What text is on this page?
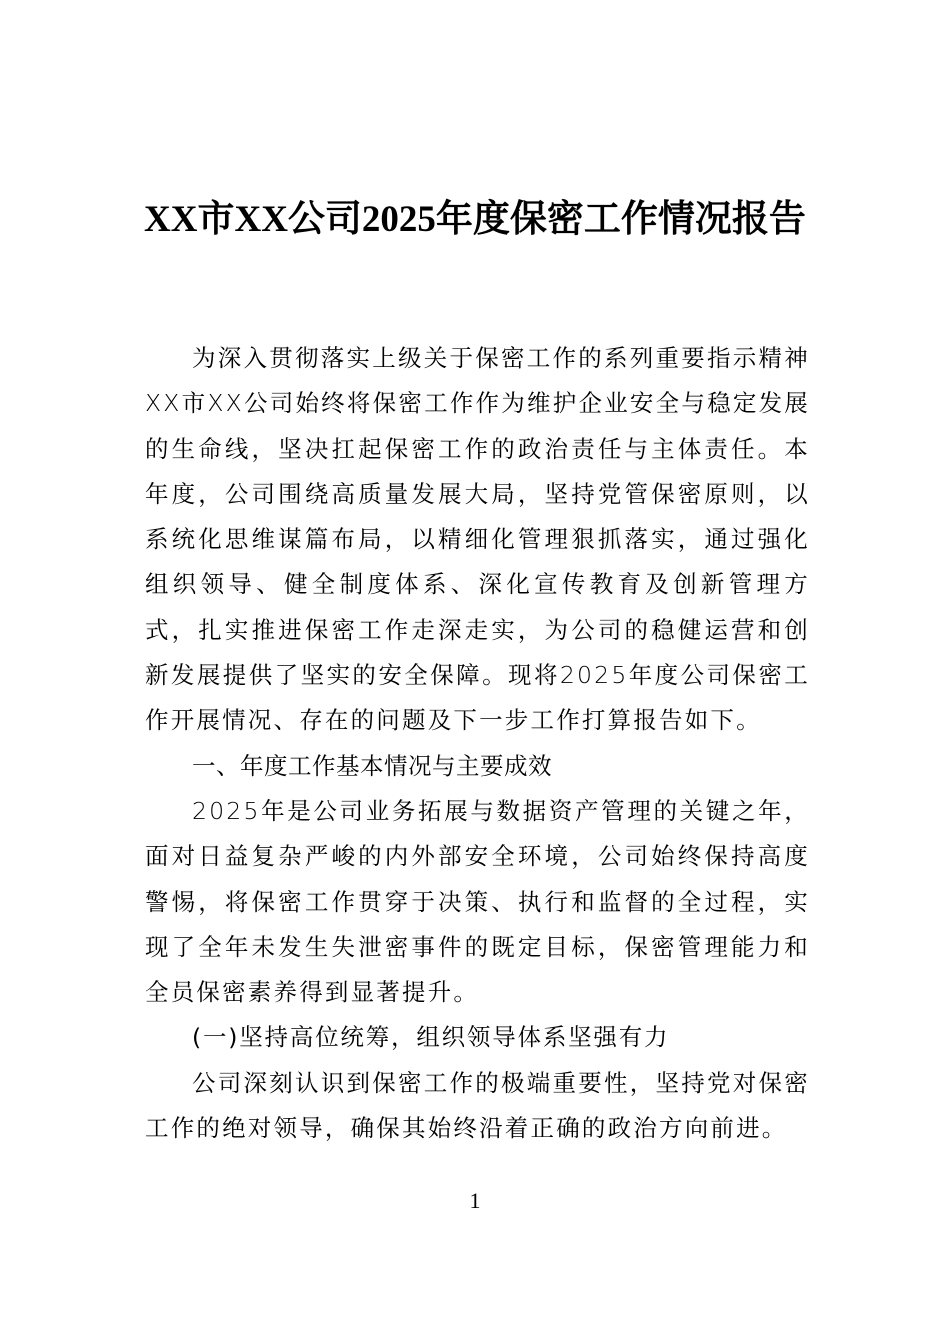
XX市XX公司2025年度保密工作情况报告

为深入贯彻落实上级关于保密工作的系列重要指示精神XX市XX公司始终将保密工作作为维护企业安全与稳定发展的生命线，坚决扛起保密工作的政治责任与主体责任。本年度，公司围绕高质量发展大局，坚持党管保密原则，以系统化思维谋篇布局，以精细化管理狠抓落实，通过强化组织领导、健全制度体系、深化宣传教育及创新管理方式，扎实推进保密工作走深走实，为公司的稳健运营和创新发展提供了坚实的安全保障。现将2025年度公司保密工作开展情况、存在的问题及下一步工作打算报告如下。

一、年度工作基本情况与主要成效

2025年是公司业务拓展与数据资产管理的关键之年，面对日益复杂严峻的内外部安全环境，公司始终保持高度警惕，将保密工作贯穿于决策、执行和监督的全过程，实现了全年未发生失泄密事件的既定目标，保密管理能力和全员保密素养得到显著提升。

(一)坚持高位统筹，组织领导体系坚强有力

公司深刻认识到保密工作的极端重要性，坚持党对保密工作的绝对领导，确保其始终沿着正确的政治方向前进。

1
